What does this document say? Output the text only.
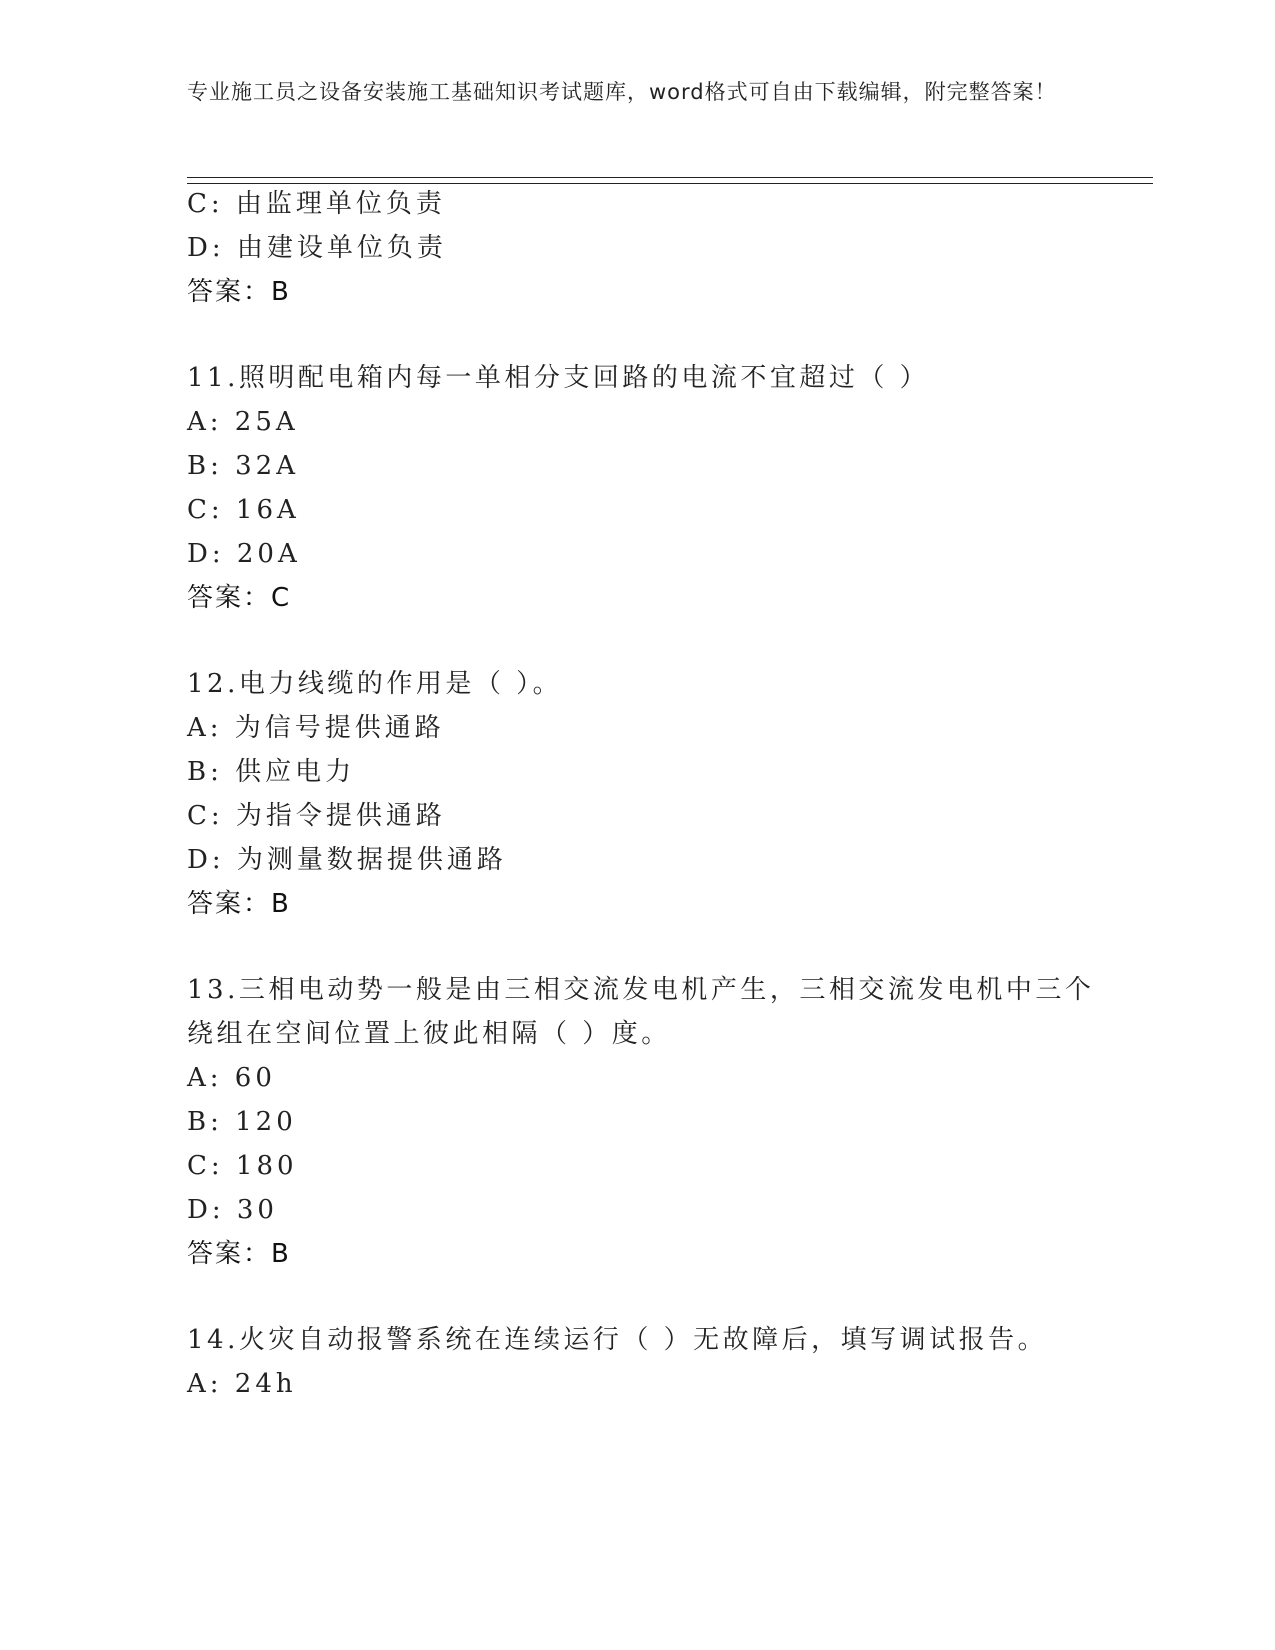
专业施工员之设备安装施工基础知识考试题库，word格式可自由下载编辑，附完整答案！
C: 由监理单位负责
D: 由建设单位负责
答案：B
11.照明配电箱内每一单相分支回路的电流不宜超过（ ）
A: 25A
B: 32A
C: 16A
D: 20A
答案：C
12.电力线缆的作用是（ ）。
A: 为信号提供通路
B: 供应电力
C: 为指令提供通路
D: 为测量数据提供通路
答案：B
13.三相电动势一般是由三相交流发电机产生，三相交流发电机中三个
绕组在空间位置上彼此相隔（ ）度。
A: 60
B: 120
C: 180
D: 30
答案：B
14.火灾自动报警系统在连续运行（ ）无故障后，填写调试报告。
A: 24h
